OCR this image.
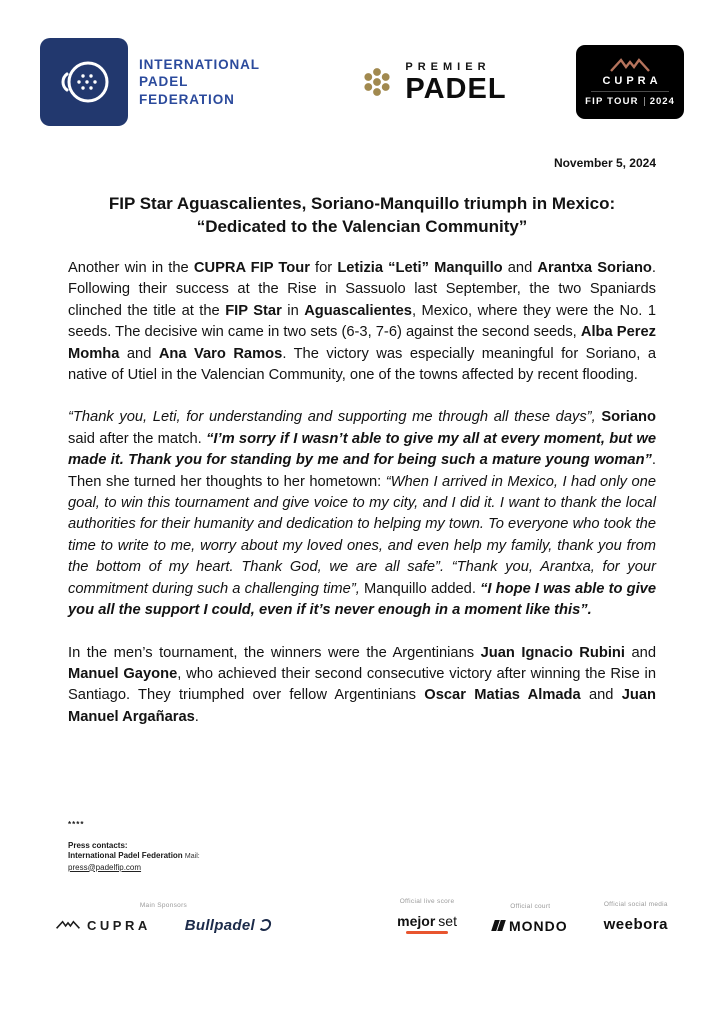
INTERNATIONAL
PADEL
FEDERATION
PREMIER
PADEL	CUPRA
FIP TOUR 2024
November 5, 2024
FIP Star Aguascalientes, Soriano-Manquillo triumph in Mexico:
“Dedicated to the Valencian Community”

Another win in the CUPRA FIP Tour for Letizia “Leti” Manquillo and Arantxa Soriano. Following their success at the Rise in Sassuolo last September, the two Spaniards clinched the title at the FIP Star in Aguascalientes, Mexico, where they were the No. 1 seeds. The decisive win came in two sets (6-3, 7-6) against the second seeds, Alba Perez Momha and Ana Varo Ramos. The victory was especially meaningful for Soriano, a native of Utiel in the Valencian Community, one of the towns affected by recent flooding.

“Thank you, Leti, for understanding and supporting me through all these days”, Soriano said after the match. “I’m sorry if I wasn’t able to give my all at every moment, but we made it. Thank you for standing by me and for being such a mature young woman”. Then she turned her thoughts to her hometown: “When I arrived in Mexico, I had only one goal, to win this tournament and give voice to my city, and I did it. I want to thank the local authorities for their humanity and dedication to helping my town. To everyone who took the time to write to me, worry about my loved ones, and even help my family, thank you from the bottom of my heart. Thank God, we are all safe”. “Thank you, Arantxa, for your commitment during such a challenging time”, Manquillo added. “I hope I was able to give you all the support I could, even if it’s never enough in a moment like this”.

In the men’s tournament, the winners were the Argentinians Juan Ignacio Rubini and Manuel Gayone, who achieved their second consecutive victory after winning the Rise in Santiago. They triumphed over fellow Argentinians Oscar Matias Almada and Juan Manuel Argañaras.

****
Press contacts:
International Padel Federation Mail:
press@padelfip.com
Main Sponsors
CUPRA Bullpadel
Official live score
mejor set
Official court
MONDO
Official social media
weebora
